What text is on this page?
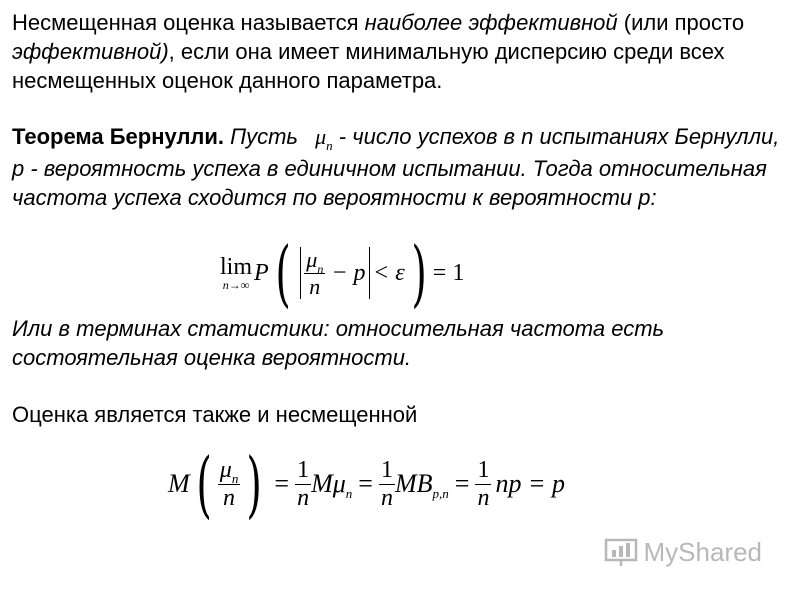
Несмещенная оценка называется наиболее эффективной (или просто эффективной), если она имеет минимальную дисперсию среди всех несмещенных оценок данного параметра.
Теорема Бернулли. Пусть   $\mu_n$ - число успехов в n испытаниях Бернулли, р - вероятность успеха в единичном испытании. Тогда относительная частота успеха сходится по вероятности к вероятности р:
lim
n→∞ P ( $\frac{\mu_n}{n} - p < \varepsilon$ ) = 1
Или в терминах статистики: относительная частота есть состоятельная оценка вероятности.
Оценка является также и несмещенной
M ( $\frac{\mu_n}{n}$ ) = $\frac{1}{n} M\mu_n = \frac{1}{n} MB_{p,n} = \frac{1}{n}$ np = p
MyShared
